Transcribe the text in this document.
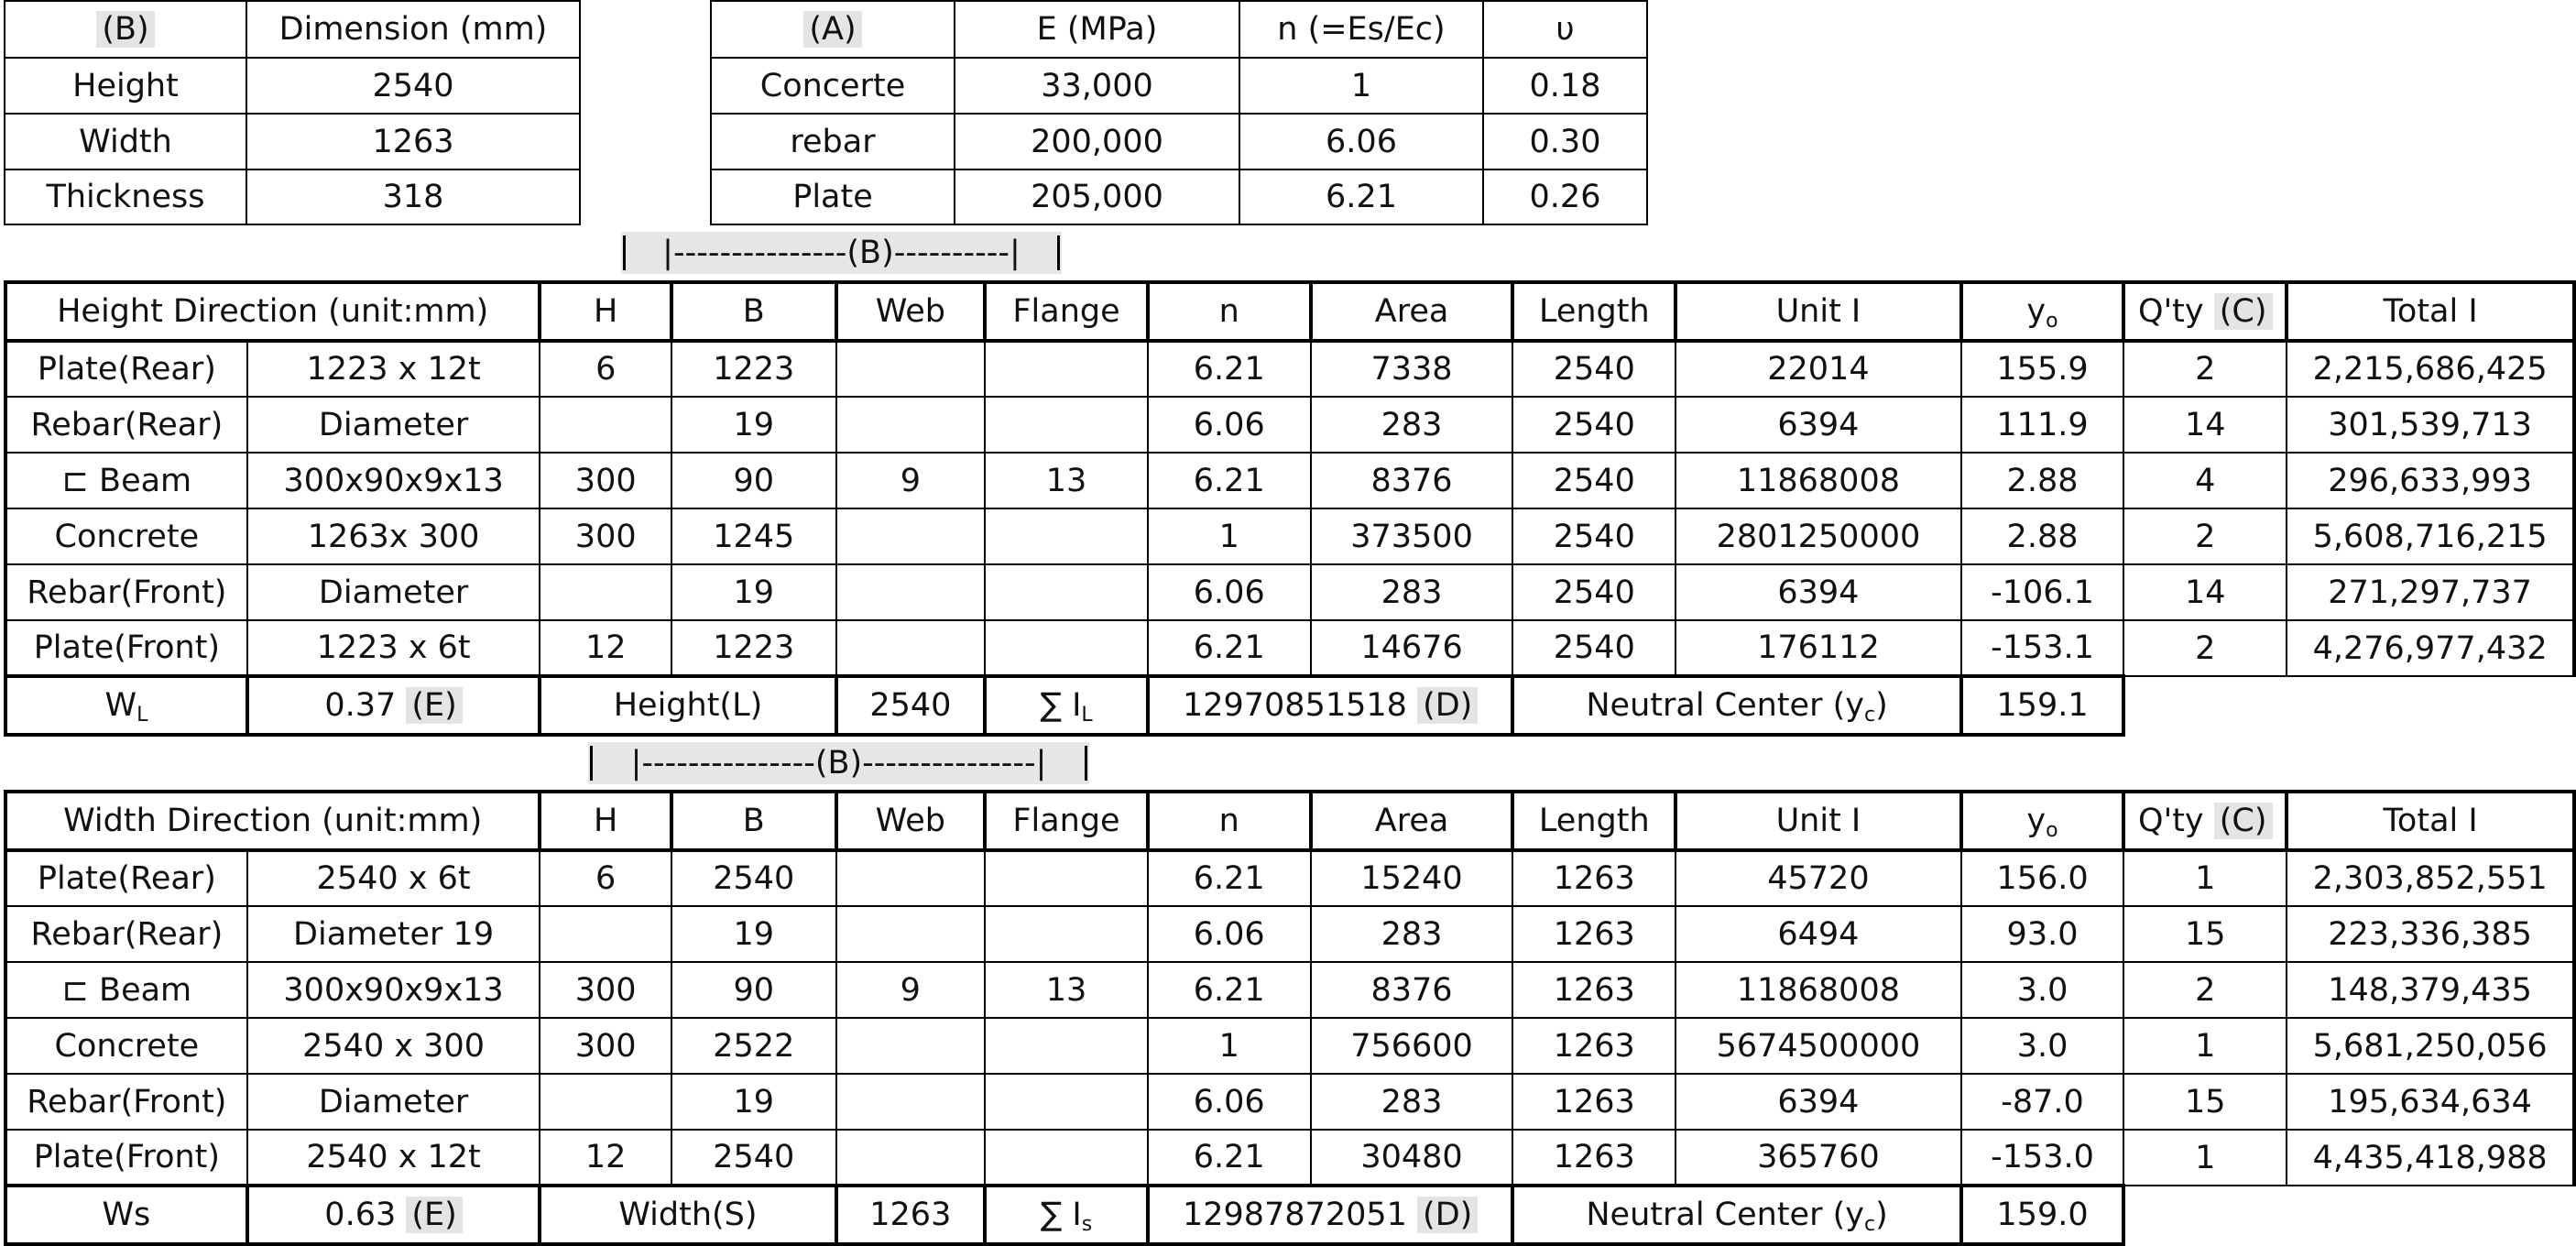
(B)	Dimension (mm)
Height	2540
Width	1263
Thickness	318
(A)	E (MPa)	n (=Es/Ec)	υ
Concerte	33,000	1	0.18
rebar	200,000	6.06	0.30
Plate	205,000	6.21	0.26
|---------------(B)----------|
Height Direction (unit:mm)		H	B	Web	Flange	n	Area	Length	Unit I	yo	Q'ty (C)	Total I
Plate(Rear)	1223 x 12t	6	1223			6.21	7338	2540	22014	155.9	2	2,215,686,425
Rebar(Rear)	Diameter		19			6.06	283	2540	6394	111.9	14	301,539,713
⊏ Beam	300x90x9x13	300	90	9	13	6.21	8376	2540	11868008	2.88	4	296,633,993
Concrete	1263x 300	300	1245			1	373500	2540	2801250000	2.88	2	5,608,716,215
Rebar(Front)	Diameter		19			6.06	283	2540	6394	-106.1	14	271,297,737
Plate(Front)	1223 x 6t	12	1223			6.21	14676	2540	176112	-153.1	2	4,276,977,432
WL	0.37 (E)	Height(L)		2540	∑ IL	12970851518 (D)		Neutral Center (yc)		159.1		
|---------------(B)---------------|
Width Direction (unit:mm)		H	B	Web	Flange	n	Area	Length	Unit I	yo	Q'ty (C)	Total I
Plate(Rear)	2540 x 6t	6	2540			6.21	15240	1263	45720	156.0	1	2,303,852,551
Rebar(Rear)	Diameter 19		19			6.06	283	1263	6494	93.0	15	223,336,385
⊏ Beam	300x90x9x13	300	90	9	13	6.21	8376	1263	11868008	3.0	2	148,379,435
Concrete	2540 x 300	300	2522			1	756600	1263	5674500000	3.0	1	5,681,250,056
Rebar(Front)	Diameter		19			6.06	283	1263	6394	-87.0	15	195,634,634
Plate(Front)	2540 x 12t	12	2540			6.21	30480	1263	365760	-153.0	1	4,435,418,988
Ws	0.63 (E)	Width(S)		1263	∑ Is	12987872051 (D)		Neutral Center (yc)		159.0		
